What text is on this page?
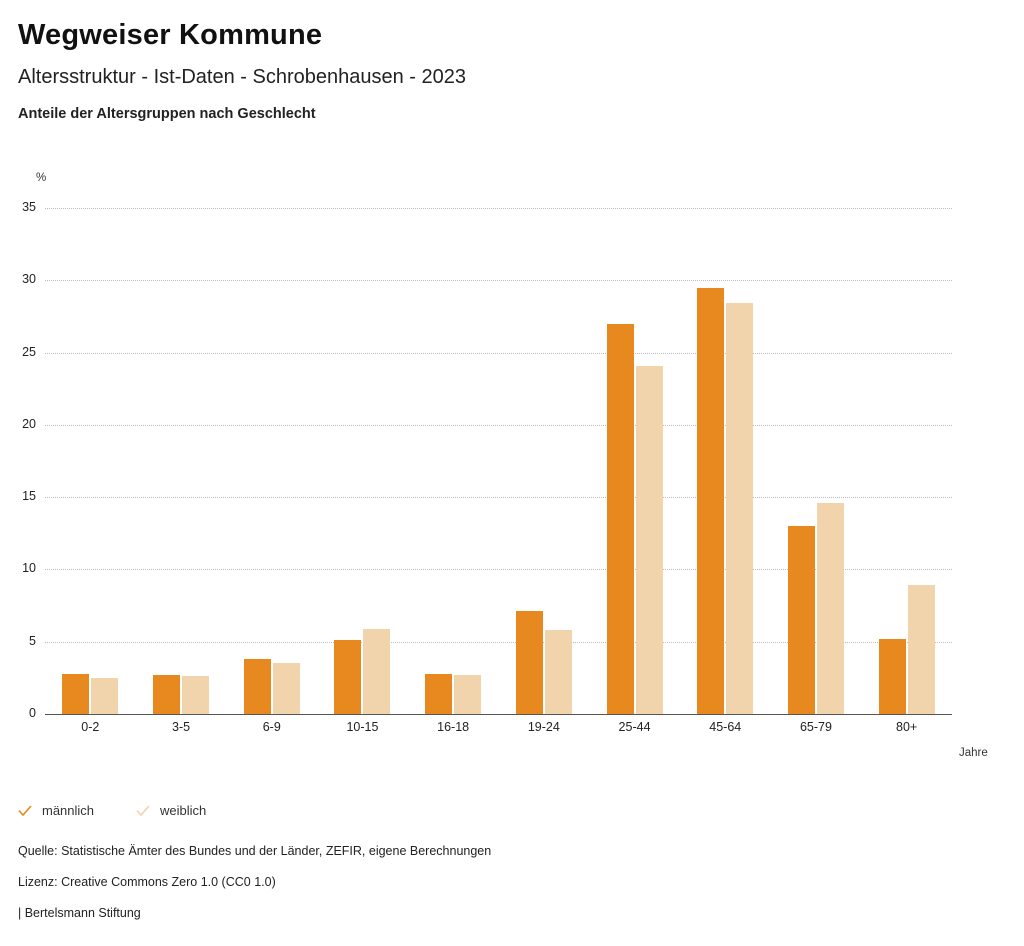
Wegweiser Kommune
Altersstruktur - Ist-Daten - Schrobenhausen - 2023
Anteile der Altersgruppen nach Geschlecht
%
Jahre
0
5
10
15
20
25
30
35
0-2	3-5	6-9	10-15	16-18	19-24	25-44	45-64	65-79	80+
männlich	weiblich
Quelle: Statistische Ämter des Bundes und der Länder, ZEFIR, eigene Berechnungen
Lizenz: Creative Commons Zero 1.0 (CC0 1.0)
| Bertelsmann Stiftung
